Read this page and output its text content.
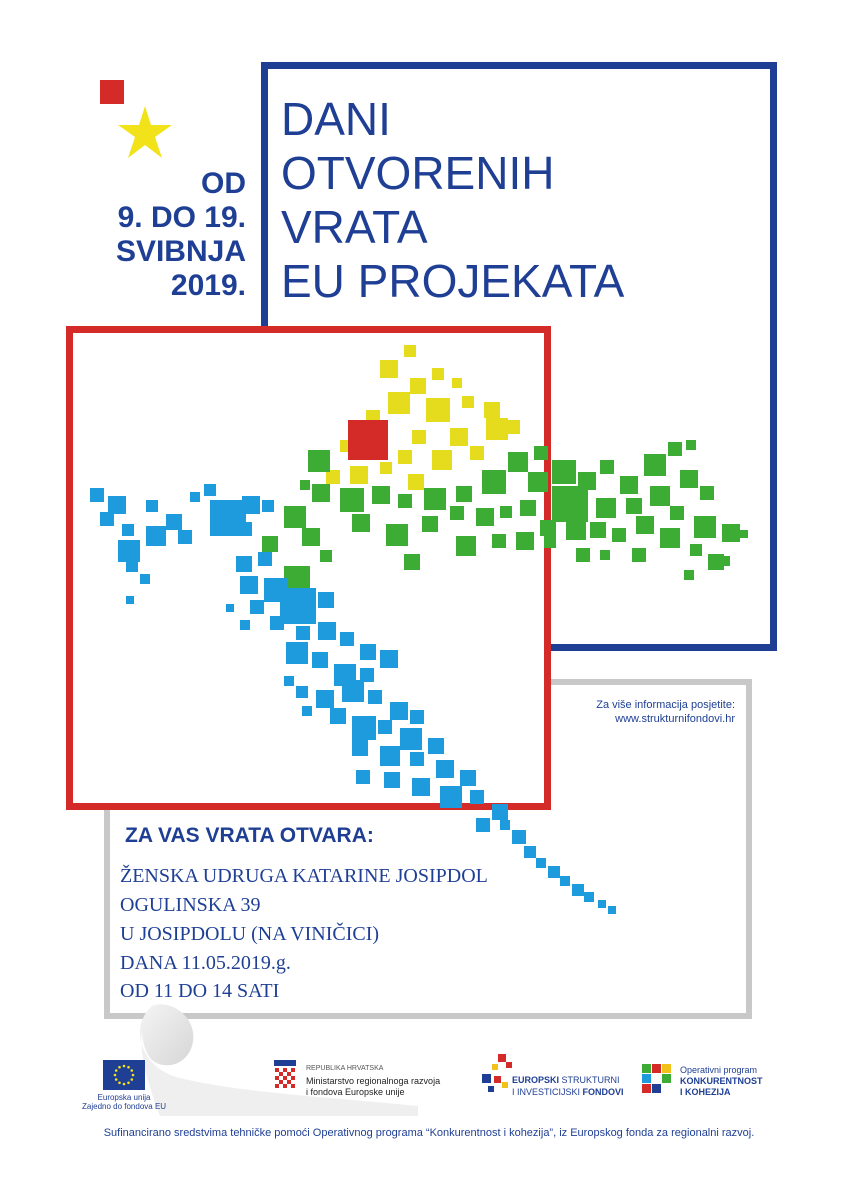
DANI
OTVORENIH
VRATA
EU PROJEKATA
OD
9. DO 19.
SVIBNJA
2019.
Za više informacija posjetite:
www.strukturnifondovi.hr
ZA VAS VRATA OTVARA:
ŽENSKA UDRUGA KATARINE JOSIPDOL
OGULINSKA 39
U JOSIPDOLU (NA VINIČICI)
DANA 11.05.2019.g.
OD 11 DO 14 SATI
Europska unija
Zajedno do fondova EU
REPUBLIKA HRVATSKA
Ministarstvo regionalnoga razvoja
i fondova Europske unije
EUROPSKI STRUKTURNI
I INVESTICIJSKI FONDOVI
Operativni program
KONKURENTNOST
I KOHEZIJA
Sufinancirano sredstvima tehničke pomoći Operativnog programa “Konkurentnost i kohezija”, iz Europskog fonda za regionalni razvoj.
